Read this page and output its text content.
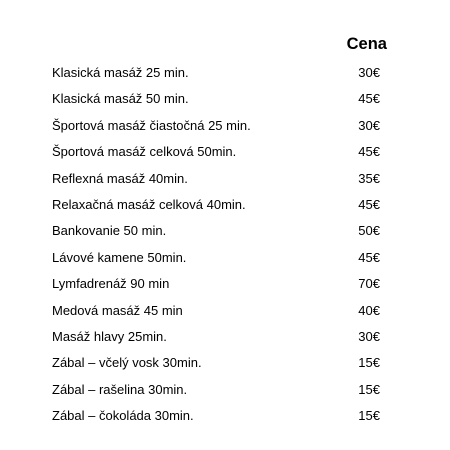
Cena
Klasická masáž 25 min.	30€
Klasická masáž 50 min.	45€
Športová masáž čiastočná 25 min.	30€
Športová masáž celková 50min.	45€
Reflexná masáž 40min.	35€
Relaxačná masáž celková 40min.	45€
Bankovanie 50 min.	50€
Lávové kamene 50min.	45€
Lymfadrenáž 90 min	70€
Medová masáž 45 min	40€
Masáž hlavy 25min.	30€
Zábal – včelý vosk 30min.	15€
Zábal – rašelina 30min.	15€
Zábal – čokoláda 30min.	15€
